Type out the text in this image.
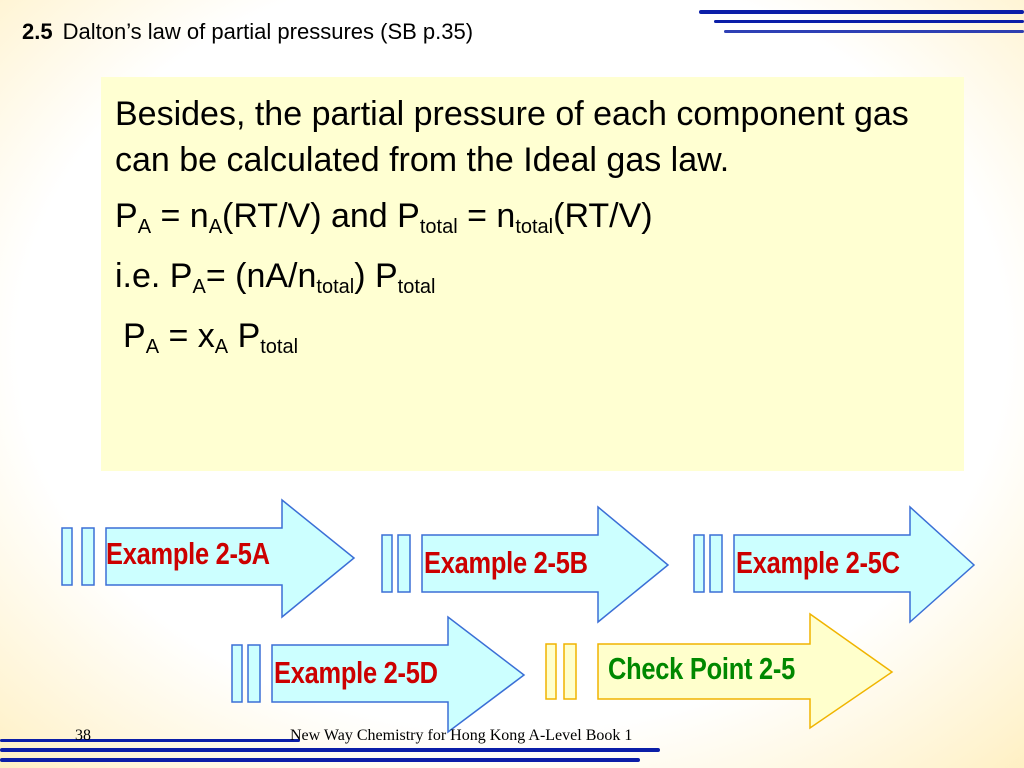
2.5 Dalton’s law of partial pressures (SB p.35)

Besides, the partial pressure of each component gas can be calculated from the Ideal gas law.

$P_A = n_A(RT/V)$ and $P_{total} = n_{total}(RT/V)$

i.e. $P_A= (nA/n_{total})$ $P_{total}$

$P_A = x_A$ $P_{total}$

Example 2-5A	Example 2-5B	Example 2-5C
Example 2-5D	Check Point 2-5
38	New Way Chemistry for Hong Kong A-Level Book 1
